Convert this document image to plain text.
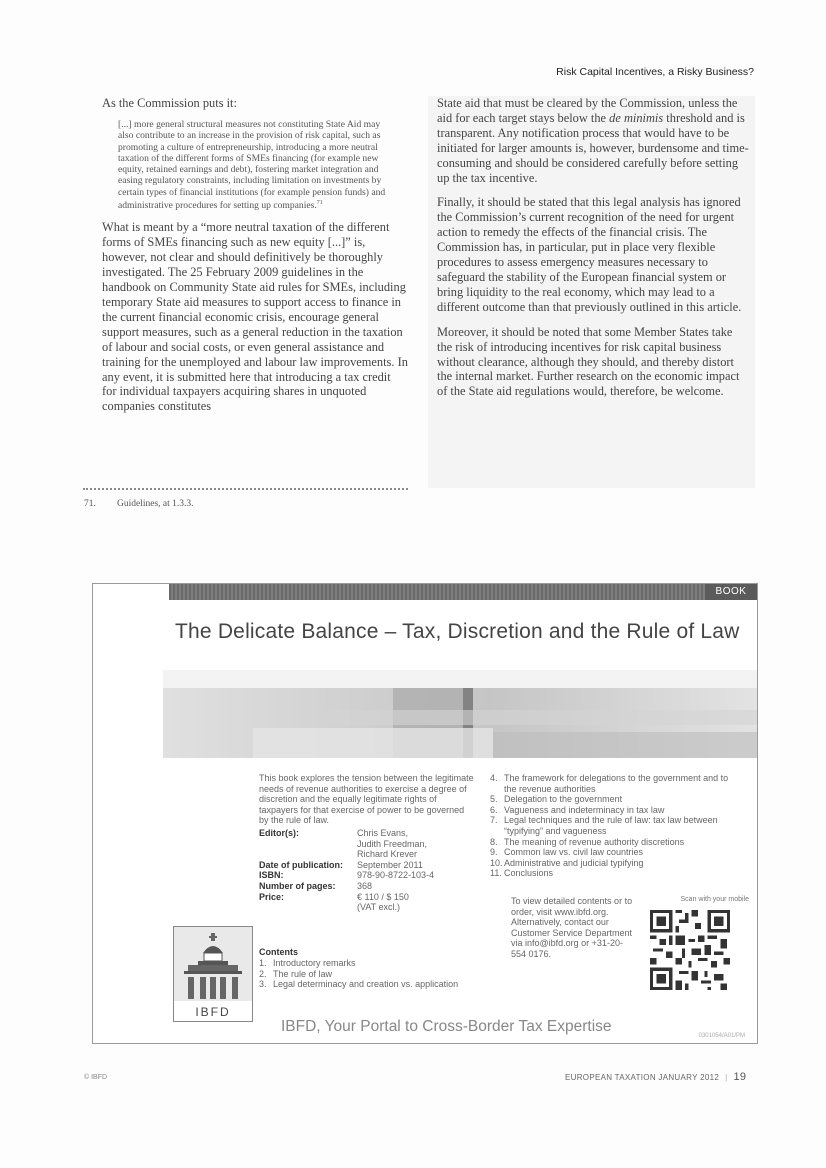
Risk Capital Incentives, a Risky Business?

As the Commission puts it:

[...] more general structural measures not constituting State Aid may also contribute to an increase in the provision of risk capital, such as promoting a culture of entrepreneurship, introducing a more neutral taxation of the different forms of SMEs financing (for example new equity, retained earnings and debt), fostering market integration and easing regulatory constraints, including limitation on investments by certain types of financial institutions (for example pension funds) and administrative procedures for setting up companies.$^{71}$

What is meant by a “more neutral taxation of the different forms of SMEs financing such as new equity [...]” is, however, not clear and should definitively be thoroughly investigated. The 25 February 2009 guidelines in the handbook on Community State aid rules for SMEs, including temporary State aid measures to support access to finance in the current financial economic crisis, encourage general support measures, such as a general reduction in the taxation of labour and social costs, or even general assistance and training for the unemployed and labour law improvements. In any event, it is submitted here that introducing a tax credit for individual taxpayers acquiring shares in unquoted companies constitutes

State aid that must be cleared by the Commission, unless the aid for each target stays below the de minimis threshold and is transparent. Any notification process that would have to be initiated for larger amounts is, however, burdensome and time-consuming and should be considered carefully before setting up the tax incentive.

Finally, it should be stated that this legal analysis has ignored the Commission’s current recognition of the need for urgent action to remedy the effects of the financial crisis. The Commission has, in particular, put in place very flexible procedures to assess emergency measures necessary to safeguard the stability of the European financial system or bring liquidity to the real economy, which may lead to a different outcome than that previously outlined in this article.

Moreover, it should be noted that some Member States take the risk of introducing incentives for risk capital business without clearance, although they should, and thereby distort the internal market. Further research on the economic impact of the State aid regulations would, therefore, be welcome.

71. Guidelines, at 1.3.3.
BOOK
The Delicate Balance – Tax, Discretion and the Rule of Law
This book explores the tension between the legitimate needs of revenue authorities to exercise a degree of discretion and the equally legitimate rights of taxpayers for that exercise of power to be governed by the rule of law.
Editor(s):	Chris Evans,
Judith Freedman,
Richard Krever
Date of publication:	September 2011
ISBN:	978-90-8722-103-4
Number of pages:	368
Price:	€ 110 / $ 150
(VAT excl.)
Contents
1. Introductory remarks
2. The rule of law
3. Legal determinacy and creation vs. application
4. The framework for delegations to the government and to the revenue authorities
5. Delegation to the government
6. Vagueness and indeterminacy in tax law
7. Legal techniques and the rule of law: tax law between “typifying” and vagueness
8. The meaning of revenue authority discretions
9. Common law vs. civil law countries
10. Administrative and judicial typifying
11. Conclusions
To view detailed contents or to order, visit www.ibfd.org. Alternatively, contact our Customer Service Department via info@ibfd.org or +31-20-554 0176.
Scan with your mobile
IBFD
IBFD, Your Portal to Cross-Border Tax Expertise
0301054/A01/PM
© IBFD	EUROPEAN TAXATION JANUARY 2012 | 19
